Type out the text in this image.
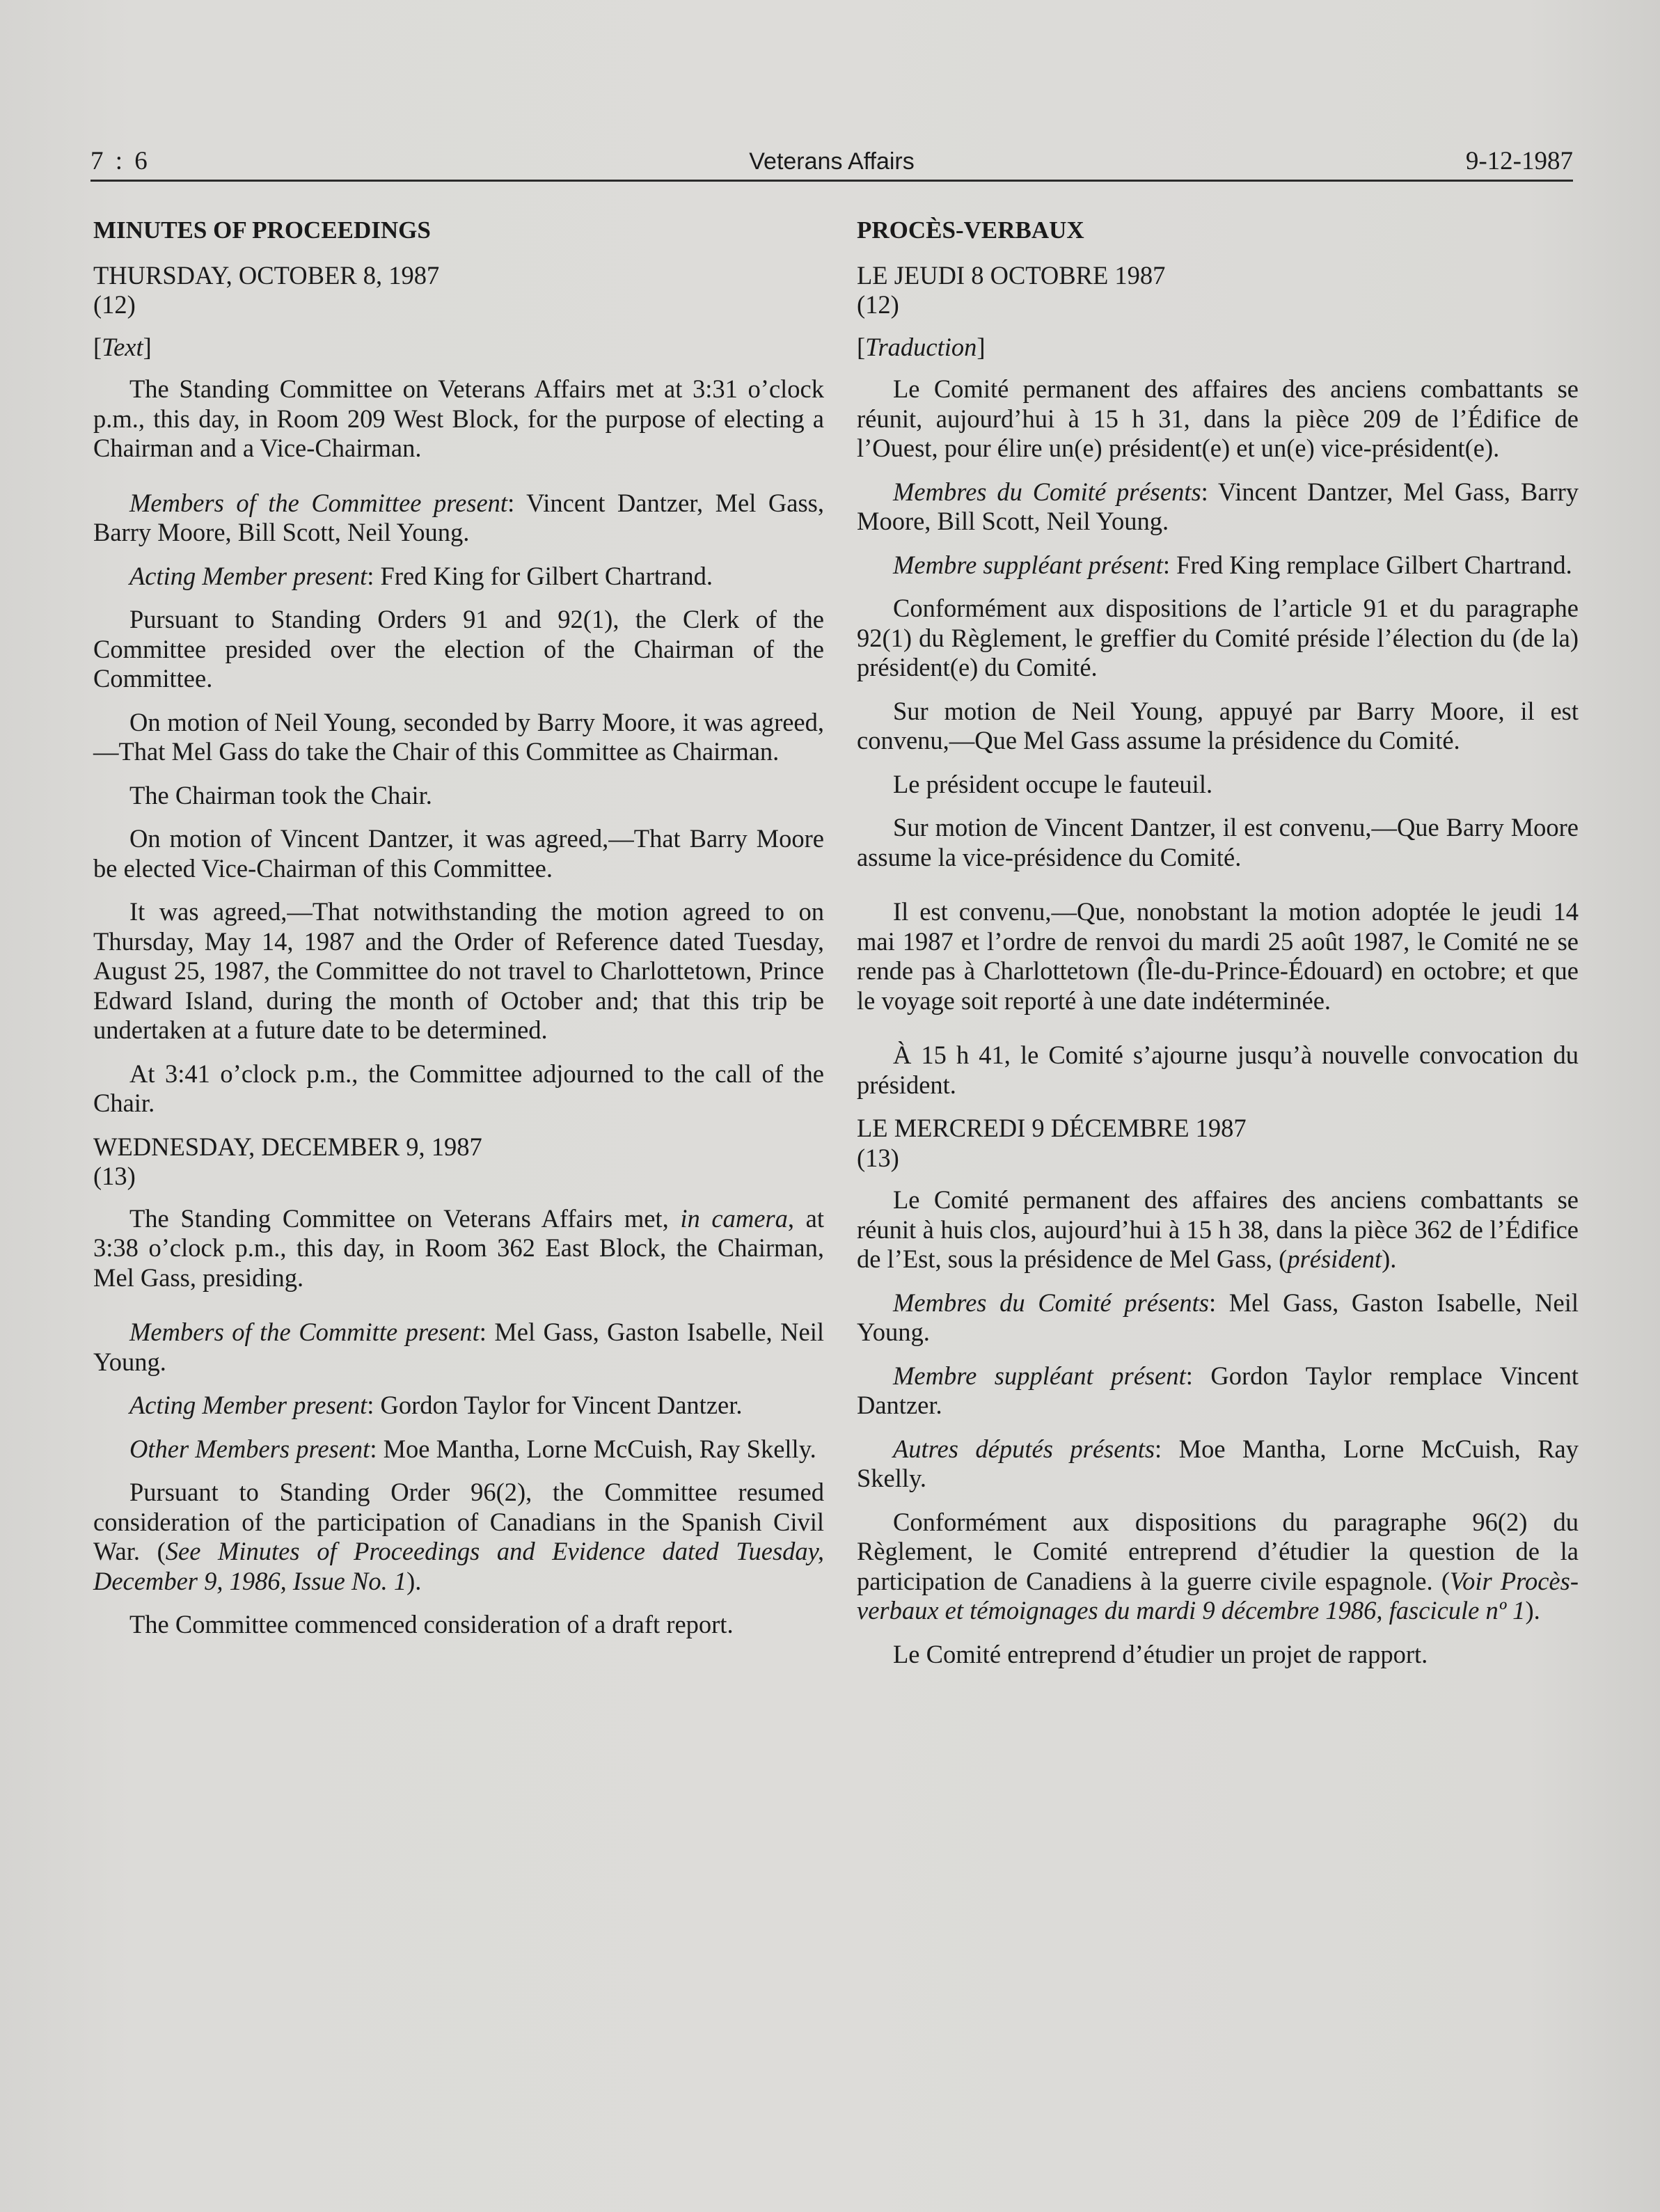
7 : 6	Veterans Affairs	9-12-1987
MINUTES OF PROCEEDINGS
THURSDAY, OCTOBER 8, 1987
(12)
[Text]

The Standing Committee on Veterans Affairs met at 3:31 o’clock p.m., this day, in Room 209 West Block, for the purpose of electing a Chairman and a Vice-Chairman.

Members of the Committee present: Vincent Dantzer, Mel Gass, Barry Moore, Bill Scott, Neil Young.

Acting Member present: Fred King for Gilbert Chartrand.

Pursuant to Standing Orders 91 and 92(1), the Clerk of the Committee presided over the election of the Chairman of the Committee.

On motion of Neil Young, seconded by Barry Moore, it was agreed,—That Mel Gass do take the Chair of this Committee as Chairman.

The Chairman took the Chair.

On motion of Vincent Dantzer, it was agreed,—That Barry Moore be elected Vice-Chairman of this Committee.

It was agreed,—That notwithstanding the motion agreed to on Thursday, May 14, 1987 and the Order of Reference dated Tuesday, August 25, 1987, the Committee do not travel to Charlottetown, Prince Edward Island, during the month of October and; that this trip be undertaken at a future date to be determined.

At 3:41 o’clock p.m., the Committee adjourned to the call of the Chair.

WEDNESDAY, DECEMBER 9, 1987
(13)

The Standing Committee on Veterans Affairs met, in camera, at 3:38 o’clock p.m., this day, in Room 362 East Block, the Chairman, Mel Gass, presiding.

Members of the Committe present: Mel Gass, Gaston Isabelle, Neil Young.

Acting Member present: Gordon Taylor for Vincent Dantzer.

Other Members present: Moe Mantha, Lorne McCuish, Ray Skelly.

Pursuant to Standing Order 96(2), the Committee resumed consideration of the participation of Canadians in the Spanish Civil War. (See Minutes of Proceedings and Evidence dated Tuesday, December 9, 1986, Issue No. 1).

The Committee commenced consideration of a draft report.

PROCÈS-VERBAUX
LE JEUDI 8 OCTOBRE 1987
(12)
[Traduction]

Le Comité permanent des affaires des anciens combattants se réunit, aujourd’hui à 15 h 31, dans la pièce 209 de l’Édifice de l’Ouest, pour élire un(e) président(e) et un(e) vice-président(e).

Membres du Comité présents: Vincent Dantzer, Mel Gass, Barry Moore, Bill Scott, Neil Young.

Membre suppléant présent: Fred King remplace Gilbert Chartrand.

Conformément aux dispositions de l’article 91 et du paragraphe 92(1) du Règlement, le greffier du Comité préside l’élection du (de la) président(e) du Comité.

Sur motion de Neil Young, appuyé par Barry Moore, il est convenu,—Que Mel Gass assume la présidence du Comité.

Le président occupe le fauteuil.

Sur motion de Vincent Dantzer, il est convenu,—Que Barry Moore assume la vice-présidence du Comité.

Il est convenu,—Que, nonobstant la motion adoptée le jeudi 14 mai 1987 et l’ordre de renvoi du mardi 25 août 1987, le Comité ne se rende pas à Charlottetown (Île-du-Prince-Édouard) en octobre; et que le voyage soit reporté à une date indéterminée.

À 15 h 41, le Comité s’ajourne jusqu’à nouvelle convocation du président.

LE MERCREDI 9 DÉCEMBRE 1987
(13)

Le Comité permanent des affaires des anciens combattants se réunit à huis clos, aujourd’hui à 15 h 38, dans la pièce 362 de l’Édifice de l’Est, sous la présidence de Mel Gass, (président).

Membres du Comité présents: Mel Gass, Gaston Isabelle, Neil Young.

Membre suppléant présent: Gordon Taylor remplace Vincent Dantzer.

Autres députés présents: Moe Mantha, Lorne McCuish, Ray Skelly.

Conformément aux dispositions du paragraphe 96(2) du Règlement, le Comité entreprend d’étudier la question de la participation de Canadiens à la guerre civile espagnole. (Voir Procès-verbaux et témoignages du mardi 9 décembre 1986, fascicule nº 1).

Le Comité entreprend d’étudier un projet de rapport.
